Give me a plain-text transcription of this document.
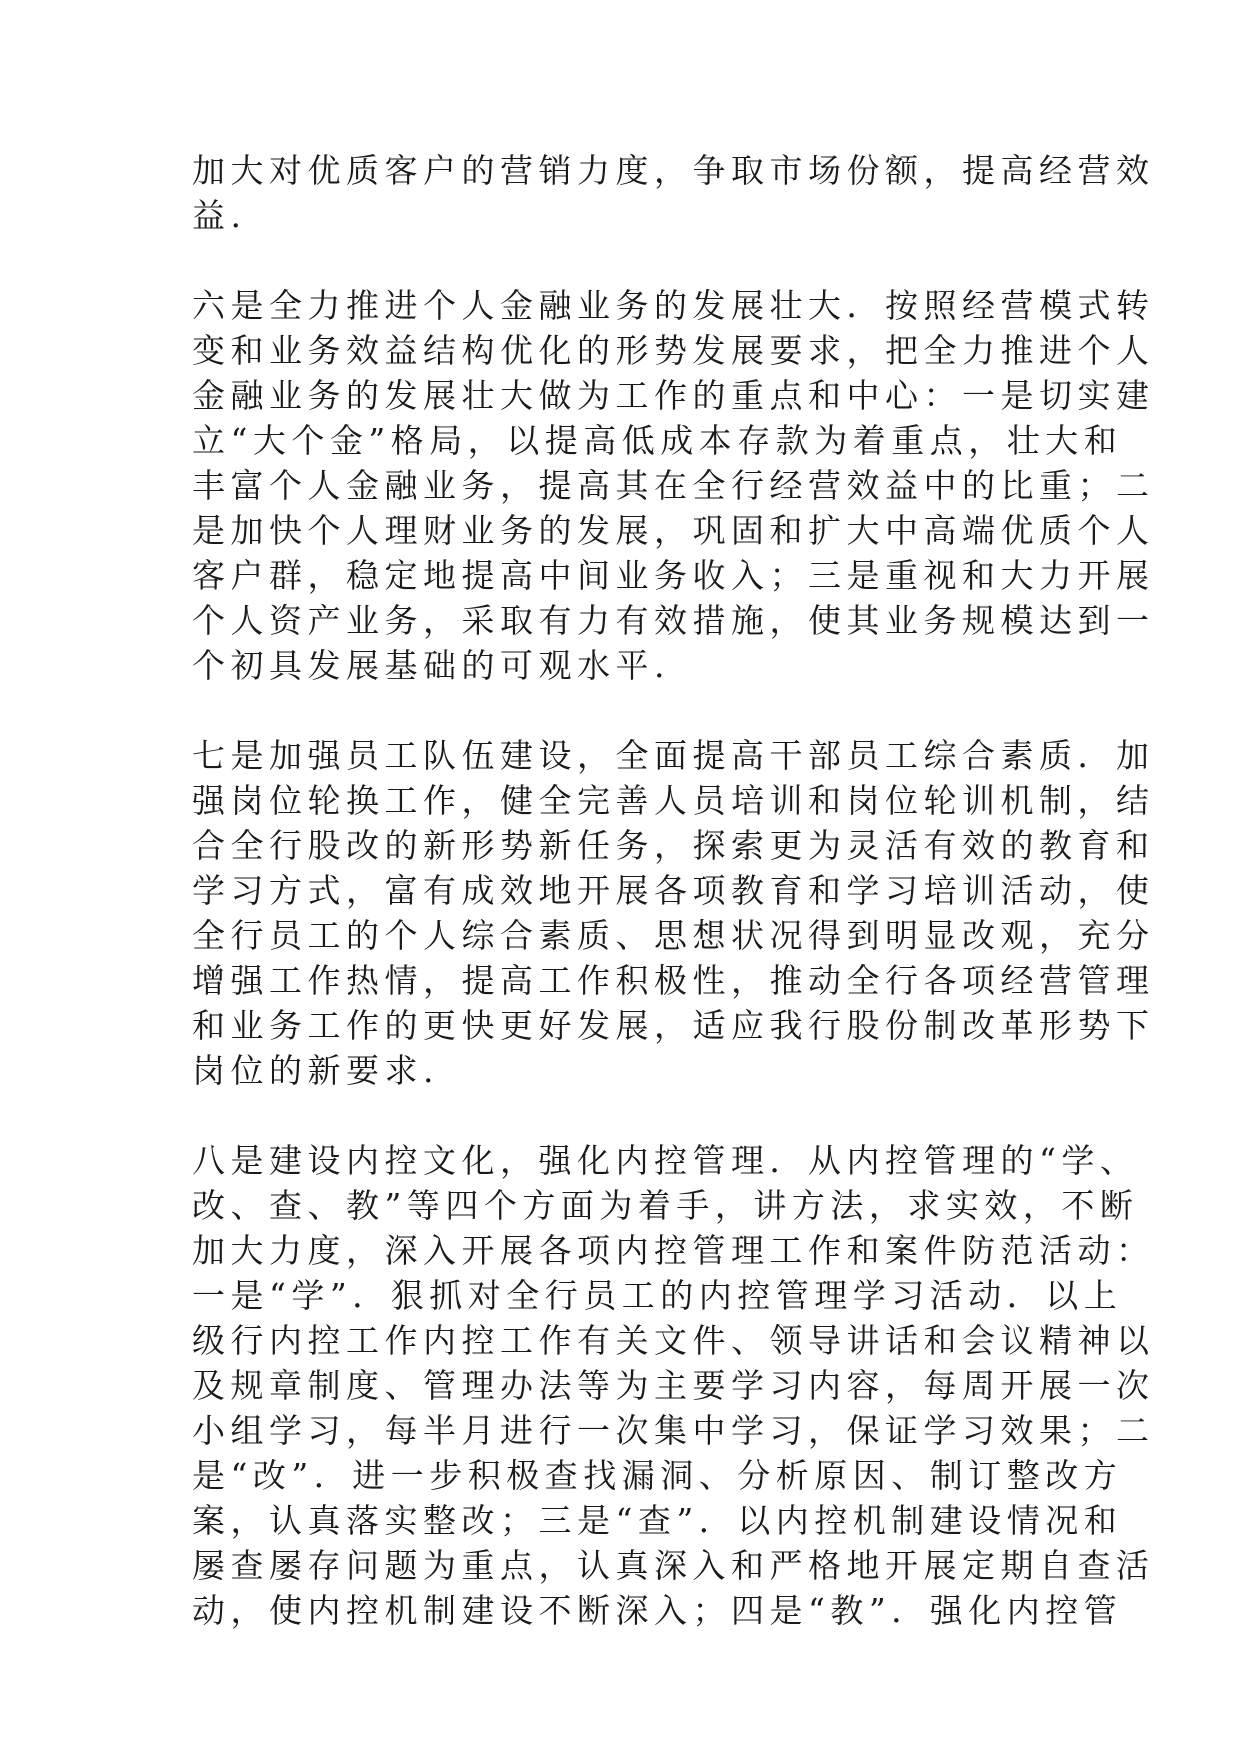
加大对优质客户的营销力度，争取市场份额，提高经营效
益.
六是全力推进个人金融业务的发展壮大．按照经营模式转
变和业务效益结构优化的形势发展要求，把全力推进个人
金融业务的发展壮大做为工作的重点和中心：一是切实建
立“大个金”格局，以提高低成本存款为着重点，壮大和
丰富个人金融业务，提高其在全行经营效益中的比重；二
是加快个人理财业务的发展，巩固和扩大中高端优质个人
客户群，稳定地提高中间业务收入；三是重视和大力开展
个人资产业务，采取有力有效措施，使其业务规模达到一
个初具发展基础的可观水平.
七是加强员工队伍建设，全面提高干部员工综合素质．加
强岗位轮换工作，健全完善人员培训和岗位轮训机制，结
合全行股改的新形势新任务，探索更为灵活有效的教育和
学习方式，富有成效地开展各项教育和学习培训活动，使
全行员工的个人综合素质、思想状况得到明显改观，充分
增强工作热情，提高工作积极性，推动全行各项经营管理
和业务工作的更快更好发展，适应我行股份制改革形势下
岗位的新要求.
八是建设内控文化，强化内控管理．从内控管理的“学、
改、查、教”等四个方面为着手，讲方法，求实效，不断
加大力度，深入开展各项内控管理工作和案件防范活动：
一是“学”．狠抓对全行员工的内控管理学习活动．以上
级行内控工作内控工作有关文件、领导讲话和会议精神以
及规章制度、管理办法等为主要学习内容，每周开展一次
小组学习，每半月进行一次集中学习，保证学习效果；二
是“改”．进一步积极查找漏洞、分析原因、制订整改方
案，认真落实整改；三是“查”．以内控机制建设情况和
屡查屡存问题为重点，认真深入和严格地开展定期自查活
动，使内控机制建设不断深入；四是“教”．强化内控管
